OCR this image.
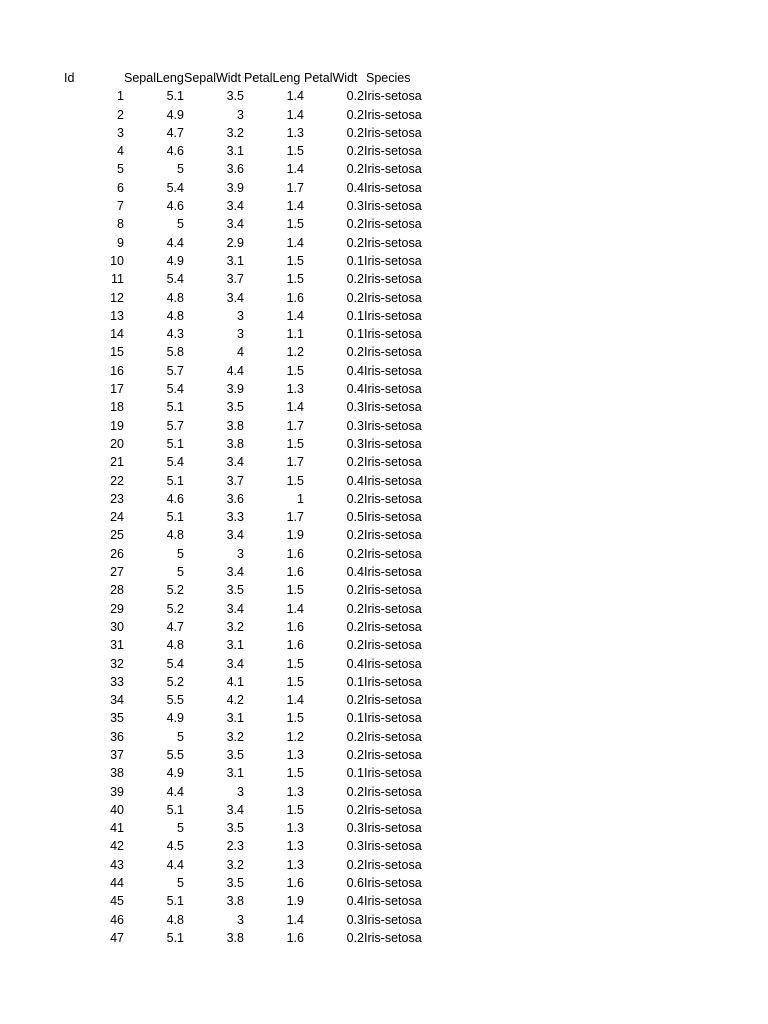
Id	SepalLeng	SepalWidt	PetalLeng	PetalWidt	Species
1	5.1	3.5	1.4	0.2	Iris-setosa
2	4.9	3	1.4	0.2	Iris-setosa
3	4.7	3.2	1.3	0.2	Iris-setosa
4	4.6	3.1	1.5	0.2	Iris-setosa
5	5	3.6	1.4	0.2	Iris-setosa
6	5.4	3.9	1.7	0.4	Iris-setosa
7	4.6	3.4	1.4	0.3	Iris-setosa
8	5	3.4	1.5	0.2	Iris-setosa
9	4.4	2.9	1.4	0.2	Iris-setosa
10	4.9	3.1	1.5	0.1	Iris-setosa
11	5.4	3.7	1.5	0.2	Iris-setosa
12	4.8	3.4	1.6	0.2	Iris-setosa
13	4.8	3	1.4	0.1	Iris-setosa
14	4.3	3	1.1	0.1	Iris-setosa
15	5.8	4	1.2	0.2	Iris-setosa
16	5.7	4.4	1.5	0.4	Iris-setosa
17	5.4	3.9	1.3	0.4	Iris-setosa
18	5.1	3.5	1.4	0.3	Iris-setosa
19	5.7	3.8	1.7	0.3	Iris-setosa
20	5.1	3.8	1.5	0.3	Iris-setosa
21	5.4	3.4	1.7	0.2	Iris-setosa
22	5.1	3.7	1.5	0.4	Iris-setosa
23	4.6	3.6	1	0.2	Iris-setosa
24	5.1	3.3	1.7	0.5	Iris-setosa
25	4.8	3.4	1.9	0.2	Iris-setosa
26	5	3	1.6	0.2	Iris-setosa
27	5	3.4	1.6	0.4	Iris-setosa
28	5.2	3.5	1.5	0.2	Iris-setosa
29	5.2	3.4	1.4	0.2	Iris-setosa
30	4.7	3.2	1.6	0.2	Iris-setosa
31	4.8	3.1	1.6	0.2	Iris-setosa
32	5.4	3.4	1.5	0.4	Iris-setosa
33	5.2	4.1	1.5	0.1	Iris-setosa
34	5.5	4.2	1.4	0.2	Iris-setosa
35	4.9	3.1	1.5	0.1	Iris-setosa
36	5	3.2	1.2	0.2	Iris-setosa
37	5.5	3.5	1.3	0.2	Iris-setosa
38	4.9	3.1	1.5	0.1	Iris-setosa
39	4.4	3	1.3	0.2	Iris-setosa
40	5.1	3.4	1.5	0.2	Iris-setosa
41	5	3.5	1.3	0.3	Iris-setosa
42	4.5	2.3	1.3	0.3	Iris-setosa
43	4.4	3.2	1.3	0.2	Iris-setosa
44	5	3.5	1.6	0.6	Iris-setosa
45	5.1	3.8	1.9	0.4	Iris-setosa
46	4.8	3	1.4	0.3	Iris-setosa
47	5.1	3.8	1.6	0.2	Iris-setosa
